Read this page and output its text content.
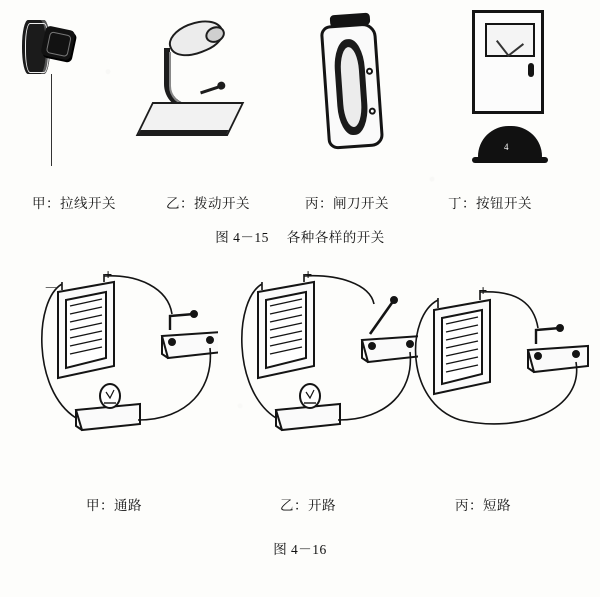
4
甲：拉线开关	乙：拨动开关	丙：闸刀开关	丁：按钮开关
图 4－15 各种各样的开关
+
－
+
+
甲：通路	乙：开路	丙：短路
图 4－16
